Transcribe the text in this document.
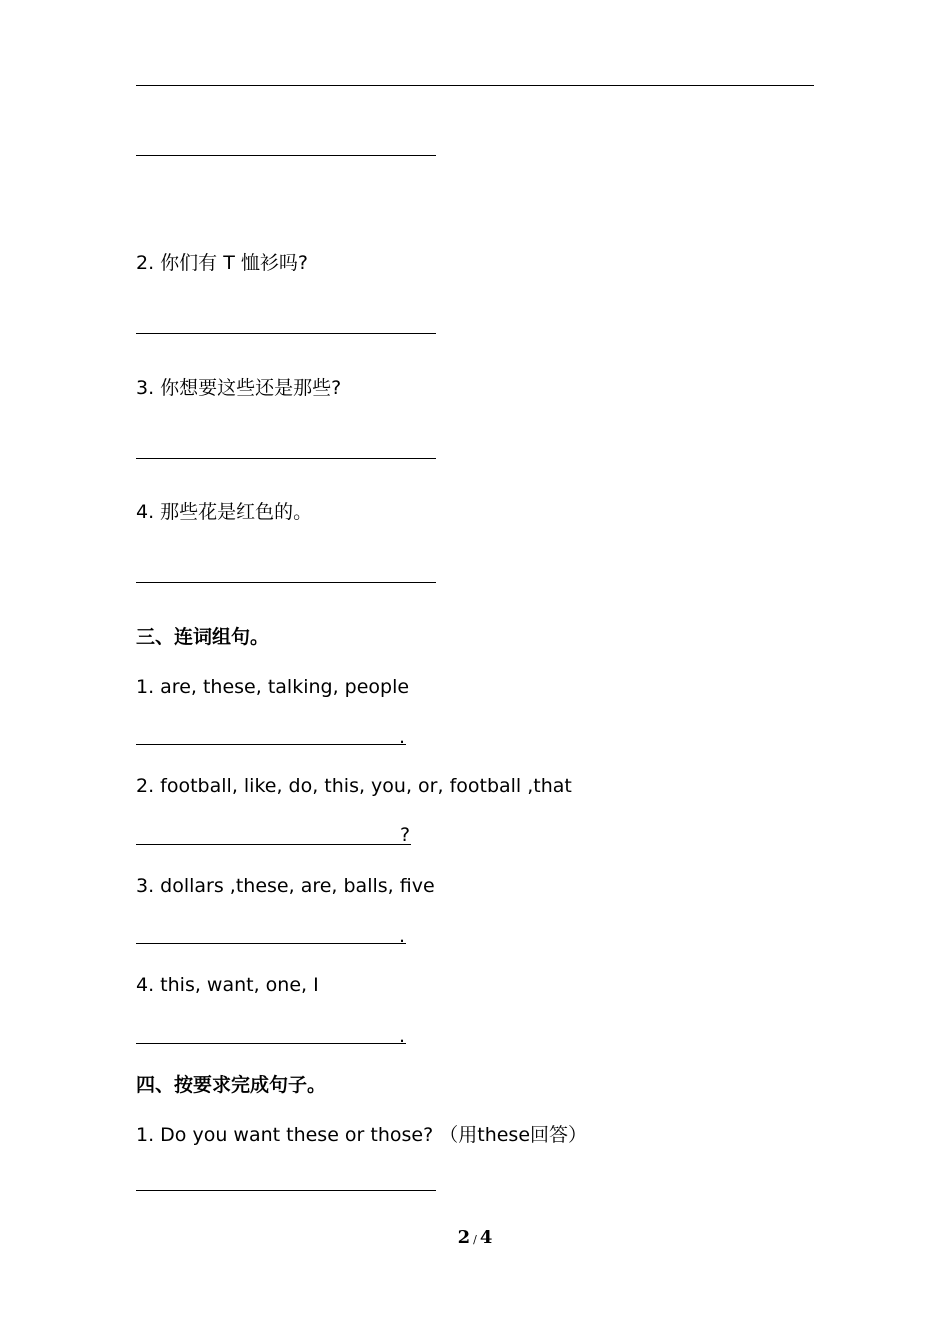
2. 你们有 T 恤衫吗?
3. 你想要这些还是那些?
4. 那些花是红色的。
三、连词组句。
1. are, these, talking, people
.
2. football, like, do, this, you, or, football ,that
?
3. dollars ,these, are, balls, five
.
4. this, want, one, I
.
四、按要求完成句子。
1. Do you want these or those? （用these回答）
2 / 4
